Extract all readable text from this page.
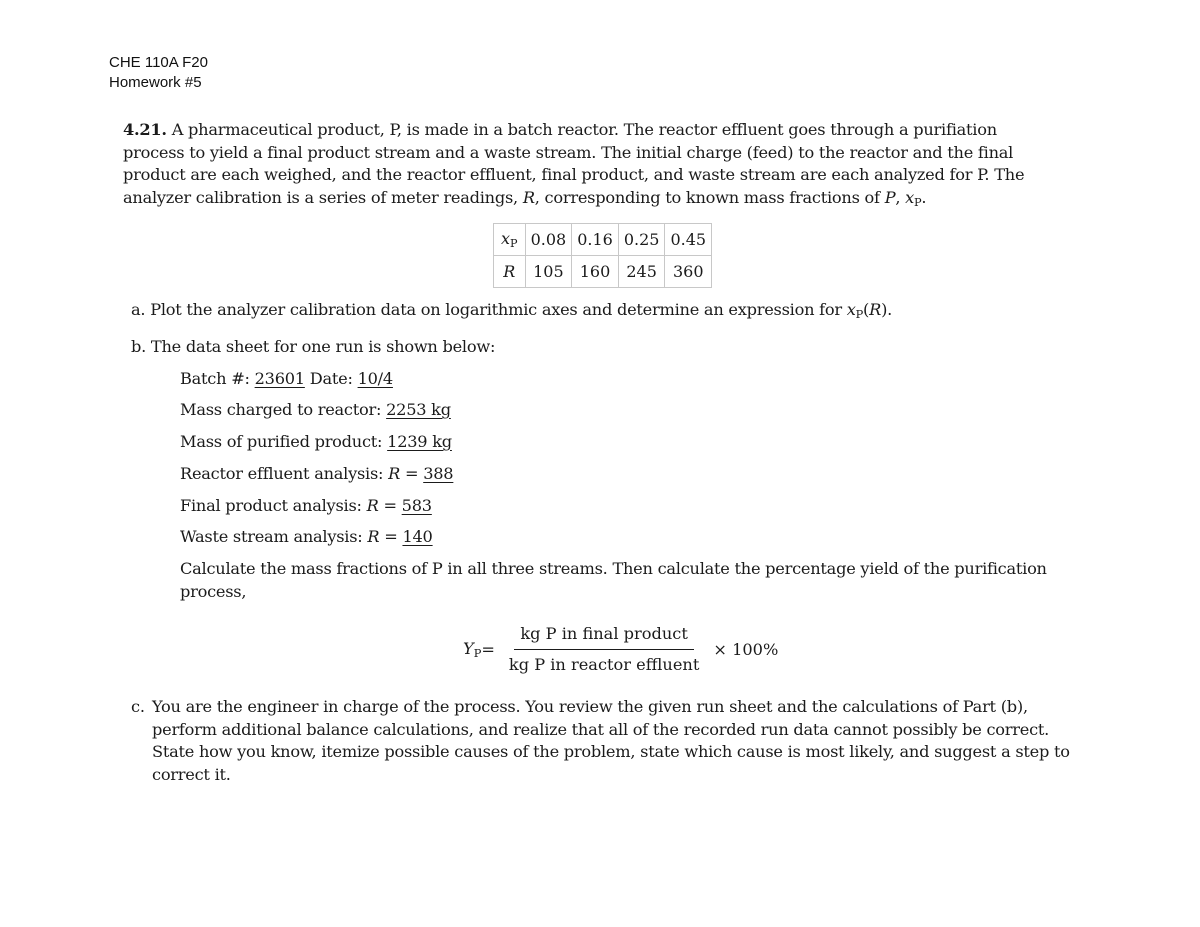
CHE 110A F20
Homework #5
4.21. A pharmaceutical product, P, is made in a batch reactor. The reactor effluent goes through a purifiation process to yield a final product stream and a waste stream. The initial charge (feed) to the reactor and the final product are each weighed, and the reactor effluent, final product, and waste stream are each analyzed for P. The analyzer calibration is a series of meter readings, R, corresponding to known mass fractions of P, $x_P$.
$x_P$	0.08	0.16	0.25	0.45
R	105	160	245	360
a. Plot the analyzer calibration data on logarithmic axes and determine an expression for $x_P(R)$.
b. The data sheet for one run is shown below:
Batch #: 23601 Date: 10/4
Mass charged to reactor: 2253 kg
Mass of purified product: 1239 kg
Reactor effluent analysis: R = 388
Final product analysis: R = 583
Waste stream analysis: R = 140
Calculate the mass fractions of P in all three streams. Then calculate the percentage yield of the purification process,
$Y_P = \frac{\text{kg P in final product}}{\text{kg P in reactor effluent}} \times 100\%$
c. You are the engineer in charge of the process. You review the given run sheet and the calculations of Part (b), perform additional balance calculations, and realize that all of the recorded run data cannot possibly be correct. State how you know, itemize possible causes of the problem, state which cause is most likely, and suggest a step to correct it.
